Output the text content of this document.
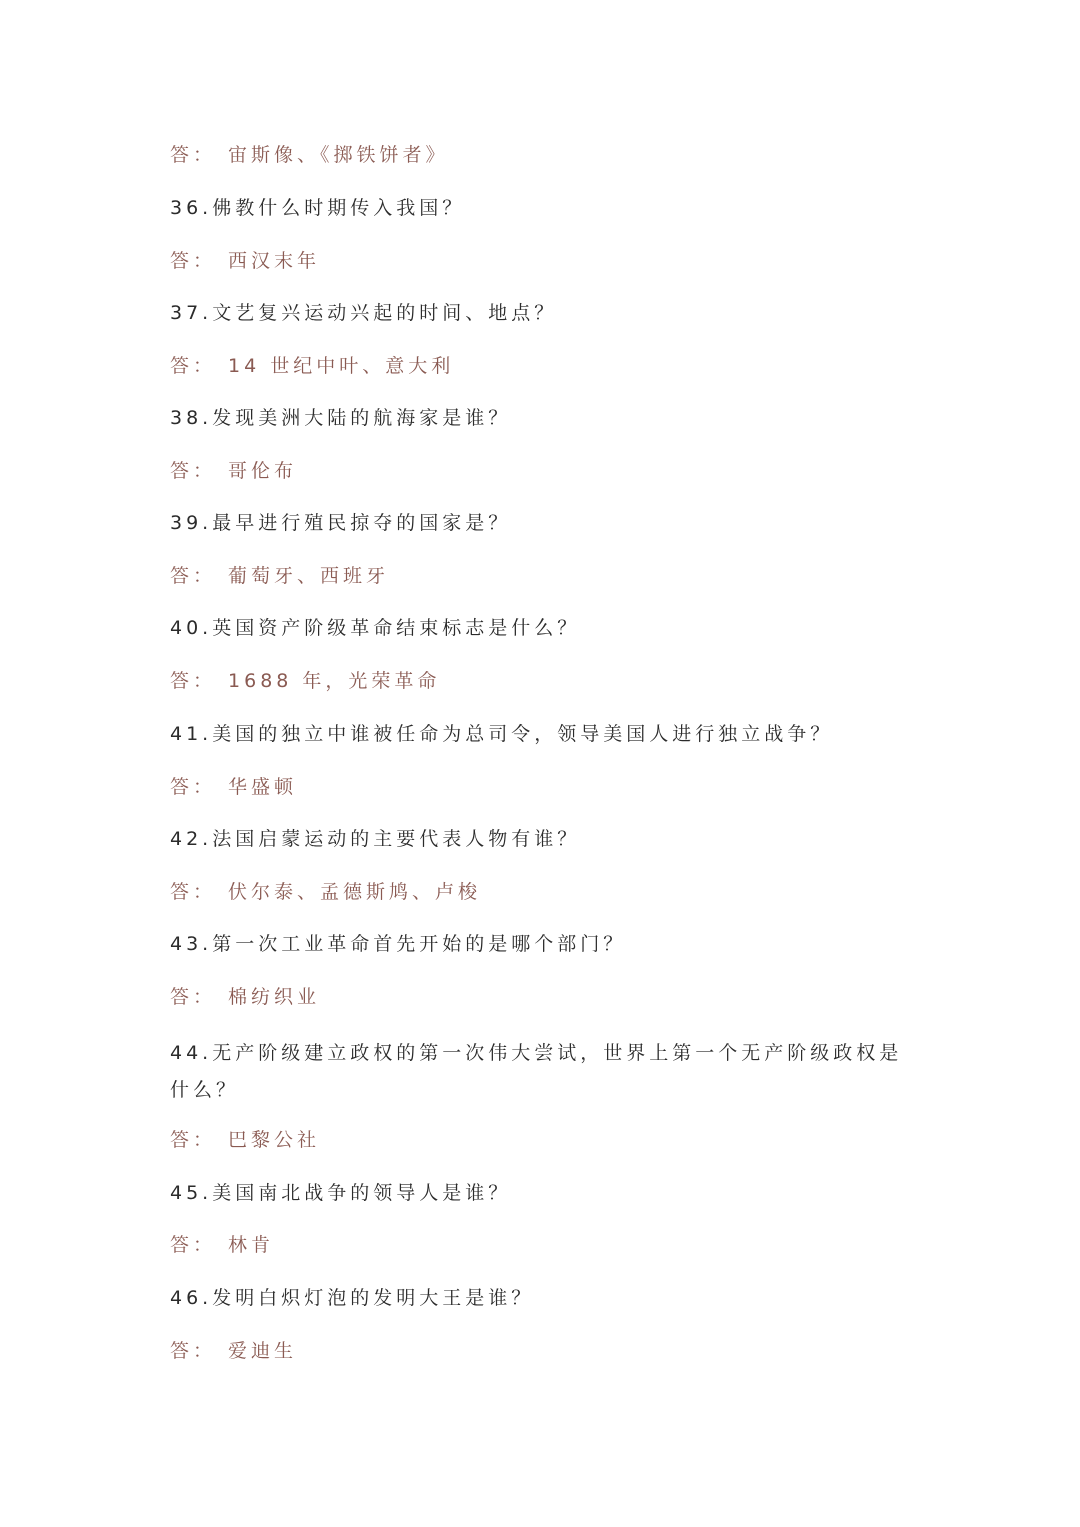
答： 宙斯像、《掷铁饼者》
36.佛教什么时期传入我国？
答： 西汉末年
37.文艺复兴运动兴起的时间、地点？
答： 14 世纪中叶、意大利
38.发现美洲大陆的航海家是谁？
答： 哥伦布
39.最早进行殖民掠夺的国家是？
答： 葡萄牙、西班牙
40.英国资产阶级革命结束标志是什么？
答： 1688 年，光荣革命
41.美国的独立中谁被任命为总司令，领导美国人进行独立战争？
答： 华盛顿
42.法国启蒙运动的主要代表人物有谁？
答： 伏尔泰、孟德斯鸠、卢梭
43.第一次工业革命首先开始的是哪个部门？
答： 棉纺织业
44.无产阶级建立政权的第一次伟大尝试，世界上第一个无产阶级政权是什么？
答： 巴黎公社
45.美国南北战争的领导人是谁？
答： 林肯
46.发明白炽灯泡的发明大王是谁？
答： 爱迪生
